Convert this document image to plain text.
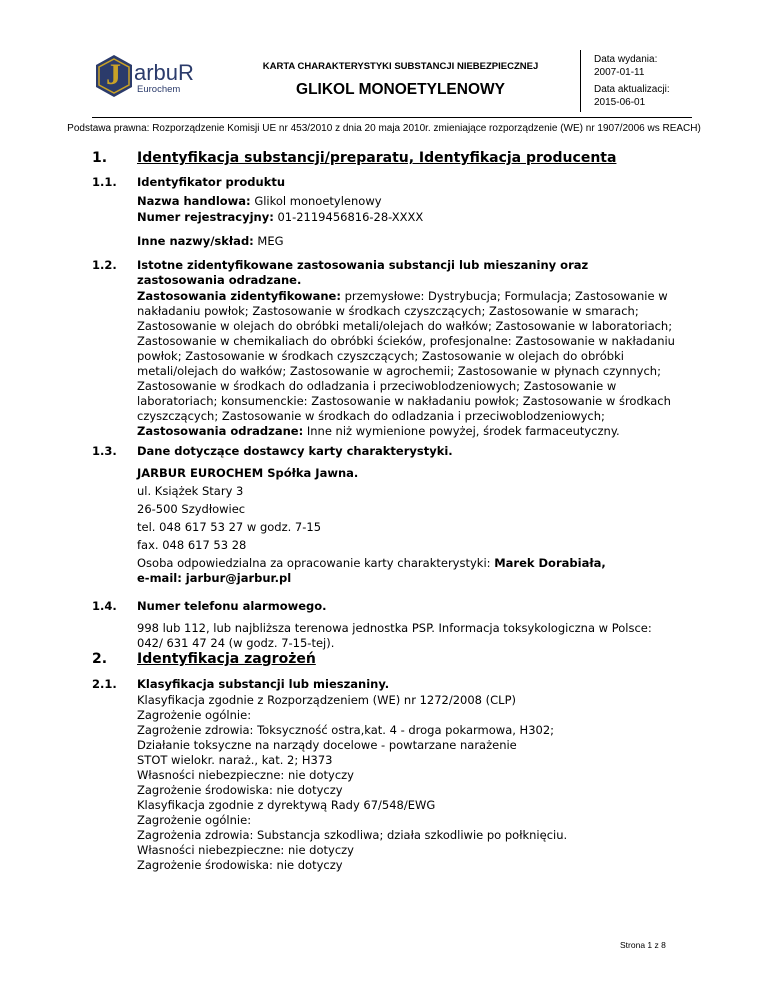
J arbuR
Eurochem
KARTA CHARAKTERYSTYKI SUBSTANCJI NIEBEZPIECZNEJ
GLIKOL MONOETYLENOWY
Data wydania:
2007-01-11
Data aktualizacji:
2015-06-01
Podstawa prawna: Rozporządzenie Komisji UE nr 453/2010 z dnia 20 maja 2010r. zmieniające rozporządzenie (WE) nr 1907/2006 ws REACH)
1. Identyfikacja substancji/preparatu, Identyfikacja producenta
1.1. Identyfikator produktu
Nazwa handlowa: Glikol monoetylenowy
Numer rejestracyjny: 01-2119456816-28-XXXX
Inne nazwy/skład: MEG
1.2. Istotne zidentyfikowane zastosowania substancji lub mieszaniny oraz
zastosowania odradzane.
Zastosowania zidentyfikowane: przemysłowe: Dystrybucja; Formulacja; Zastosowanie w
nakładaniu powłok; Zastosowanie w środkach czyszczących; Zastosowanie w smarach;
Zastosowanie w olejach do obróbki metali/olejach do wałków; Zastosowanie w laboratoriach;
Zastosowanie w chemikaliach do obróbki ścieków, profesjonalne: Zastosowanie w nakładaniu
powłok; Zastosowanie w środkach czyszczących; Zastosowanie w olejach do obróbki
metali/olejach do wałków; Zastosowanie w agrochemii; Zastosowanie w płynach czynnych;
Zastosowanie w środkach do odladzania i przeciwoblodzeniowych; Zastosowanie w
laboratoriach; konsumenckie: Zastosowanie w nakładaniu powłok; Zastosowanie w środkach
czyszczących; Zastosowanie w środkach do odladzania i przeciwoblodzeniowych;
Zastosowania odradzane: Inne niż wymienione powyżej, środek farmaceutyczny.
1.3. Dane dotyczące dostawcy karty charakterystyki.
JARBUR EUROCHEM Spółka Jawna.
ul. Książek Stary 3
26-500 Szydłowiec
tel. 048 617 53 27 w godz. 7-15
fax. 048 617 53 28
Osoba odpowiedzialna za opracowanie karty charakterystyki: Marek Dorabiała,
e-mail: jarbur@jarbur.pl
1.4. Numer telefonu alarmowego.
998 lub 112, lub najbliższa terenowa jednostka PSP. Informacja toksykologiczna w Polsce:
042/ 631 47 24 (w godz. 7-15-tej).
2. Identyfikacja zagrożeń
2.1. Klasyfikacja substancji lub mieszaniny.
Klasyfikacja zgodnie z Rozporządzeniem (WE) nr 1272/2008 (CLP)
Zagrożenie ogólnie:
Zagrożenie zdrowia: Toksyczność ostra,kat. 4 - droga pokarmowa, H302;
Działanie toksyczne na narządy docelowe - powtarzane narażenie
STOT wielokr. naraż., kat. 2; H373
Własności niebezpieczne: nie dotyczy
Zagrożenie środowiska: nie dotyczy
Klasyfikacja zgodnie z dyrektywą Rady 67/548/EWG
Zagrożenie ogólnie:
Zagrożenia zdrowia: Substancja szkodliwa; działa szkodliwie po połknięciu.
Własności niebezpieczne: nie dotyczy
Zagrożenie środowiska: nie dotyczy
Strona 1 z 8
